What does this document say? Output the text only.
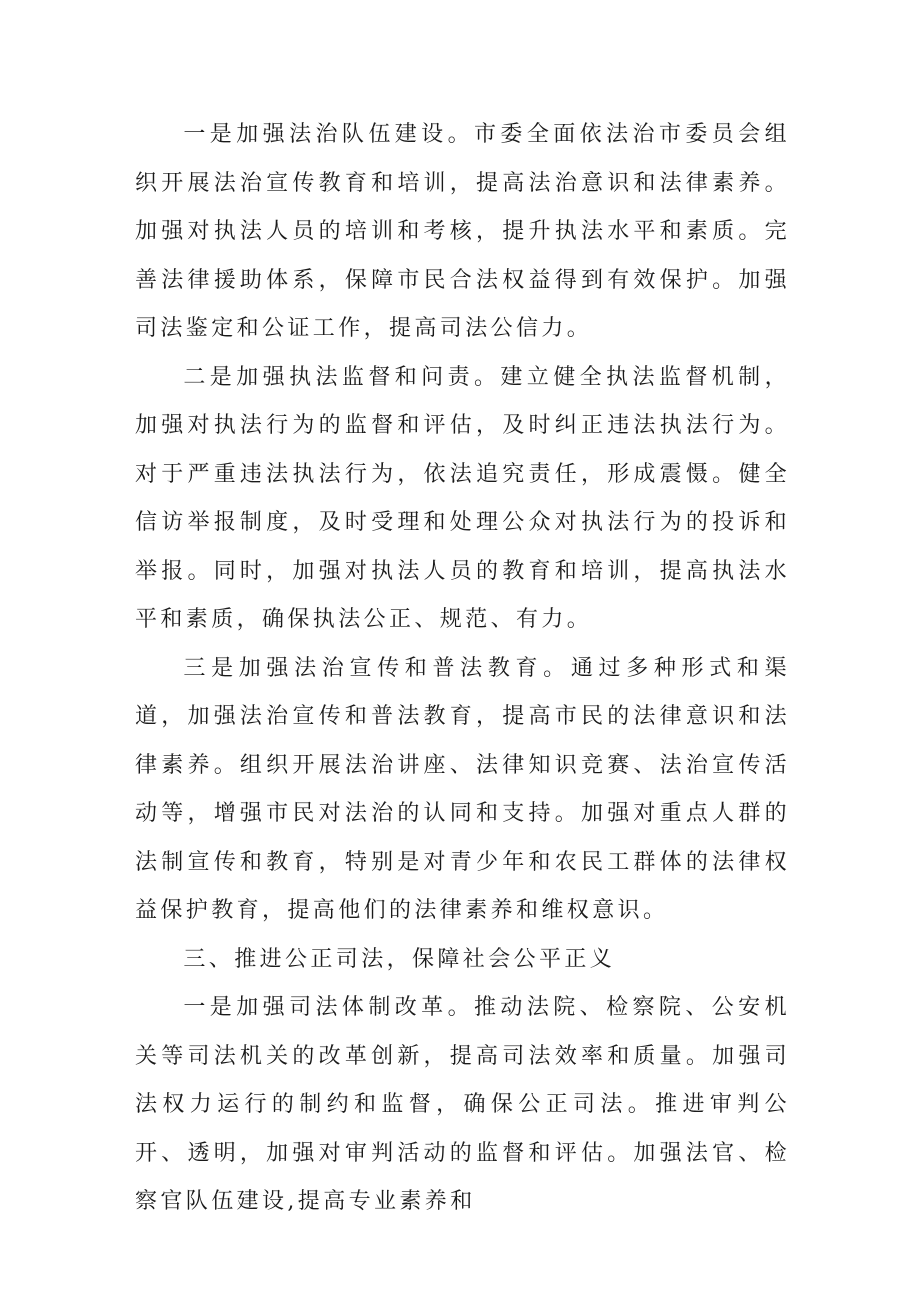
一是加强法治队伍建设。市委全面依法治市委员会组织开展法治宣传教育和培训，提高法治意识和法律素养。加强对执法人员的培训和考核，提升执法水平和素质。完善法律援助体系，保障市民合法权益得到有效保护。加强司法鉴定和公证工作，提高司法公信力。

二是加强执法监督和问责。建立健全执法监督机制，加强对执法行为的监督和评估，及时纠正违法执法行为。对于严重违法执法行为，依法追究责任，形成震慑。健全信访举报制度，及时受理和处理公众对执法行为的投诉和举报。同时，加强对执法人员的教育和培训，提高执法水平和素质，确保执法公正、规范、有力。

三是加强法治宣传和普法教育。通过多种形式和渠道，加强法治宣传和普法教育，提高市民的法律意识和法律素养。组织开展法治讲座、法律知识竞赛、法治宣传活动等，增强市民对法治的认同和支持。加强对重点人群的法制宣传和教育，特别是对青少年和农民工群体的法律权益保护教育，提高他们的法律素养和维权意识。

三、推进公正司法，保障社会公平正义

一是加强司法体制改革。推动法院、检察院、公安机关等司法机关的改革创新，提高司法效率和质量。加强司法权力运行的制约和监督，确保公正司法。推进审判公开、透明，加强对审判活动的监督和评估。加强法官、检察官队伍建设,提高专业素养和
